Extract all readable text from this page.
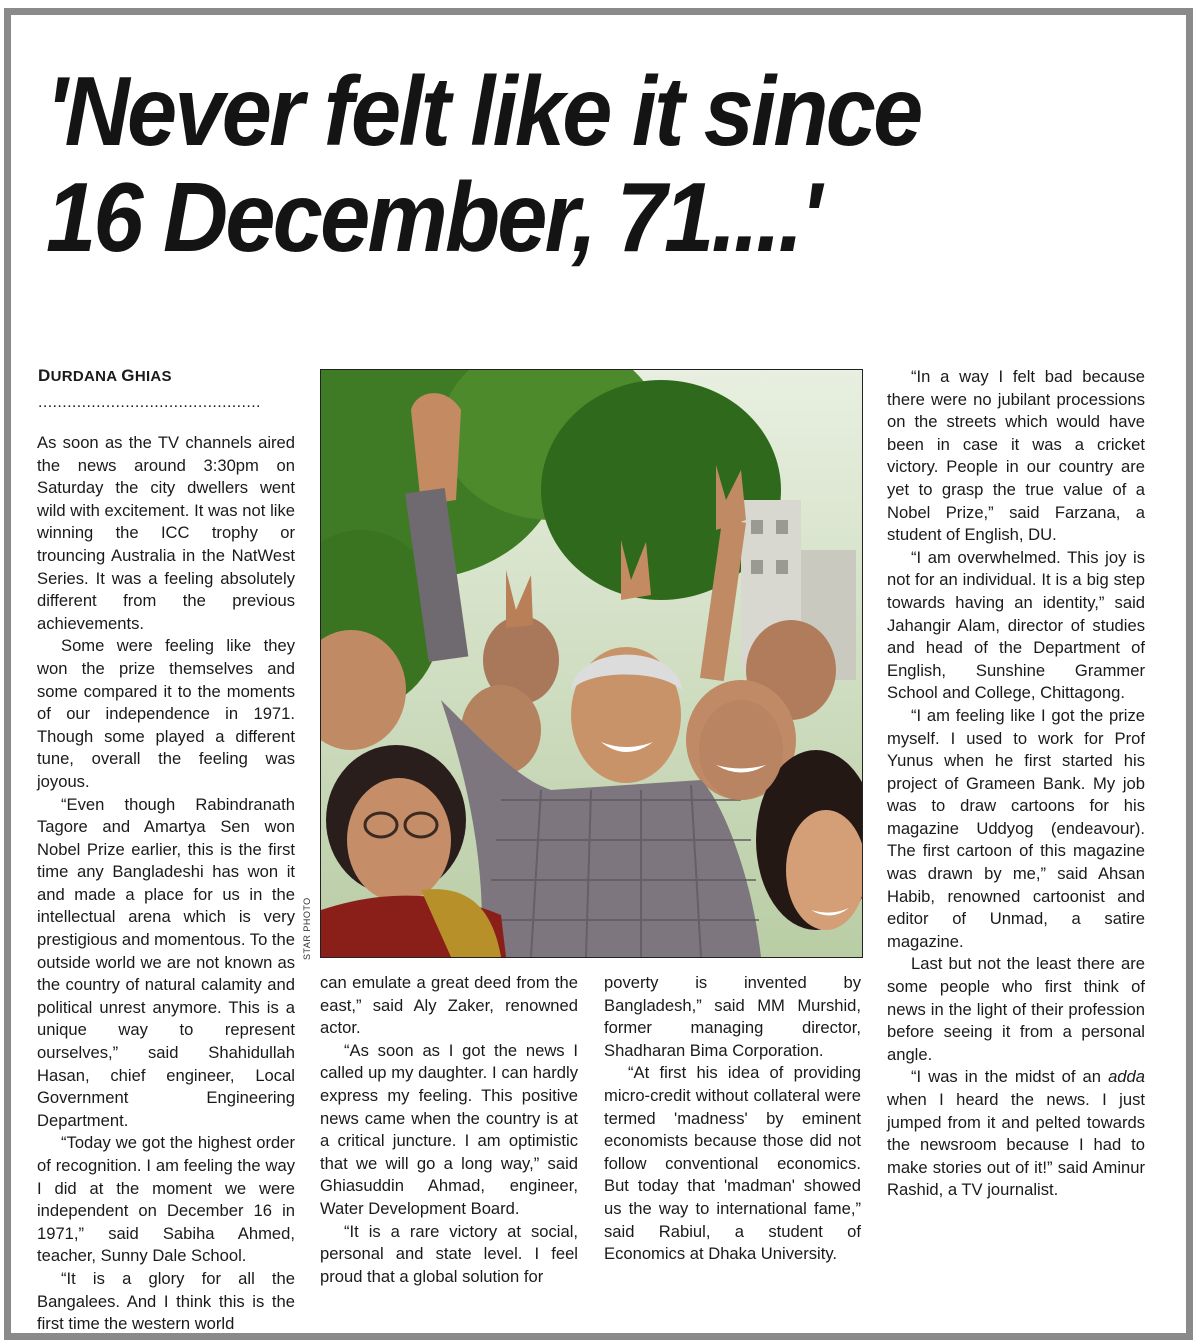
'Never felt like it since
16 December, 71....'
DURDANA GHIAS
..............................................

As soon as the TV channels aired the news around 3:30pm on Saturday the city dwellers went wild with excitement. It was not like winning the ICC trophy or trouncing Australia in the NatWest Series. It was a feeling absolutely different from the previous achievements.

Some were feeling like they won the prize themselves and some compared it to the moments of our independence in 1971. Though some played a different tune, overall the feeling was joyous.

“Even though Rabindranath Tagore and Amartya Sen won Nobel Prize earlier, this is the first time any Bangladeshi has won it and made a place for us in the intellectual arena which is very prestigious and momentous. To the outside world we are not known as the country of natural calamity and political unrest anymore. This is a unique way to represent ourselves,” said Shahidullah Hasan, chief engineer, Local Government Engineering Department.

“Today we got the highest order of recognition. I am feeling the way I did at the moment we were independent on December 16 in 1971,” said Sabiha Ahmed, teacher, Sunny Dale School.

“It is a glory for all the Bangalees. And I think this is the first time the western world

STAR PHOTO

can emulate a great deed from the east,” said Aly Zaker, renowned actor.

“As soon as I got the news I called up my daughter. I can hardly express my feeling. This positive news came when the country is at a critical juncture. I am optimistic that we will go a long way,” said Ghiasuddin Ahmad, engineer, Water Development Board.

“It is a rare victory at social, personal and state level. I feel proud that a global solution for

poverty is invented by Bangladesh,” said MM Murshid, former managing director, Shadharan Bima Corporation.

“At first his idea of providing micro-credit without collateral were termed 'madness' by eminent economists because those did not follow conventional economics. But today that 'madman' showed us the way to international fame,” said Rabiul, a student of Economics at Dhaka University.

“In a way I felt bad because there were no jubilant processions on the streets which would have been in case it was a cricket victory. People in our country are yet to grasp the true value of a Nobel Prize,” said Farzana, a student of English, DU.

“I am overwhelmed. This joy is not for an individual. It is a big step towards having an identity,” said Jahangir Alam, director of studies and head of the Department of English, Sunshine Grammer School and College, Chittagong.

“I am feeling like I got the prize myself. I used to work for Prof Yunus when he first started his project of Grameen Bank. My job was to draw cartoons for his magazine Uddyog (endeavour). The first cartoon of this magazine was drawn by me,” said Ahsan Habib, renowned cartoonist and editor of Unmad, a satire magazine.

Last but not the least there are some people who first think of news in the light of their profession before seeing it from a personal angle.

“I was in the midst of an adda when I heard the news. I just jumped from it and pelted towards the newsroom because I had to make stories out of it!” said Aminur Rashid, a TV journalist.
